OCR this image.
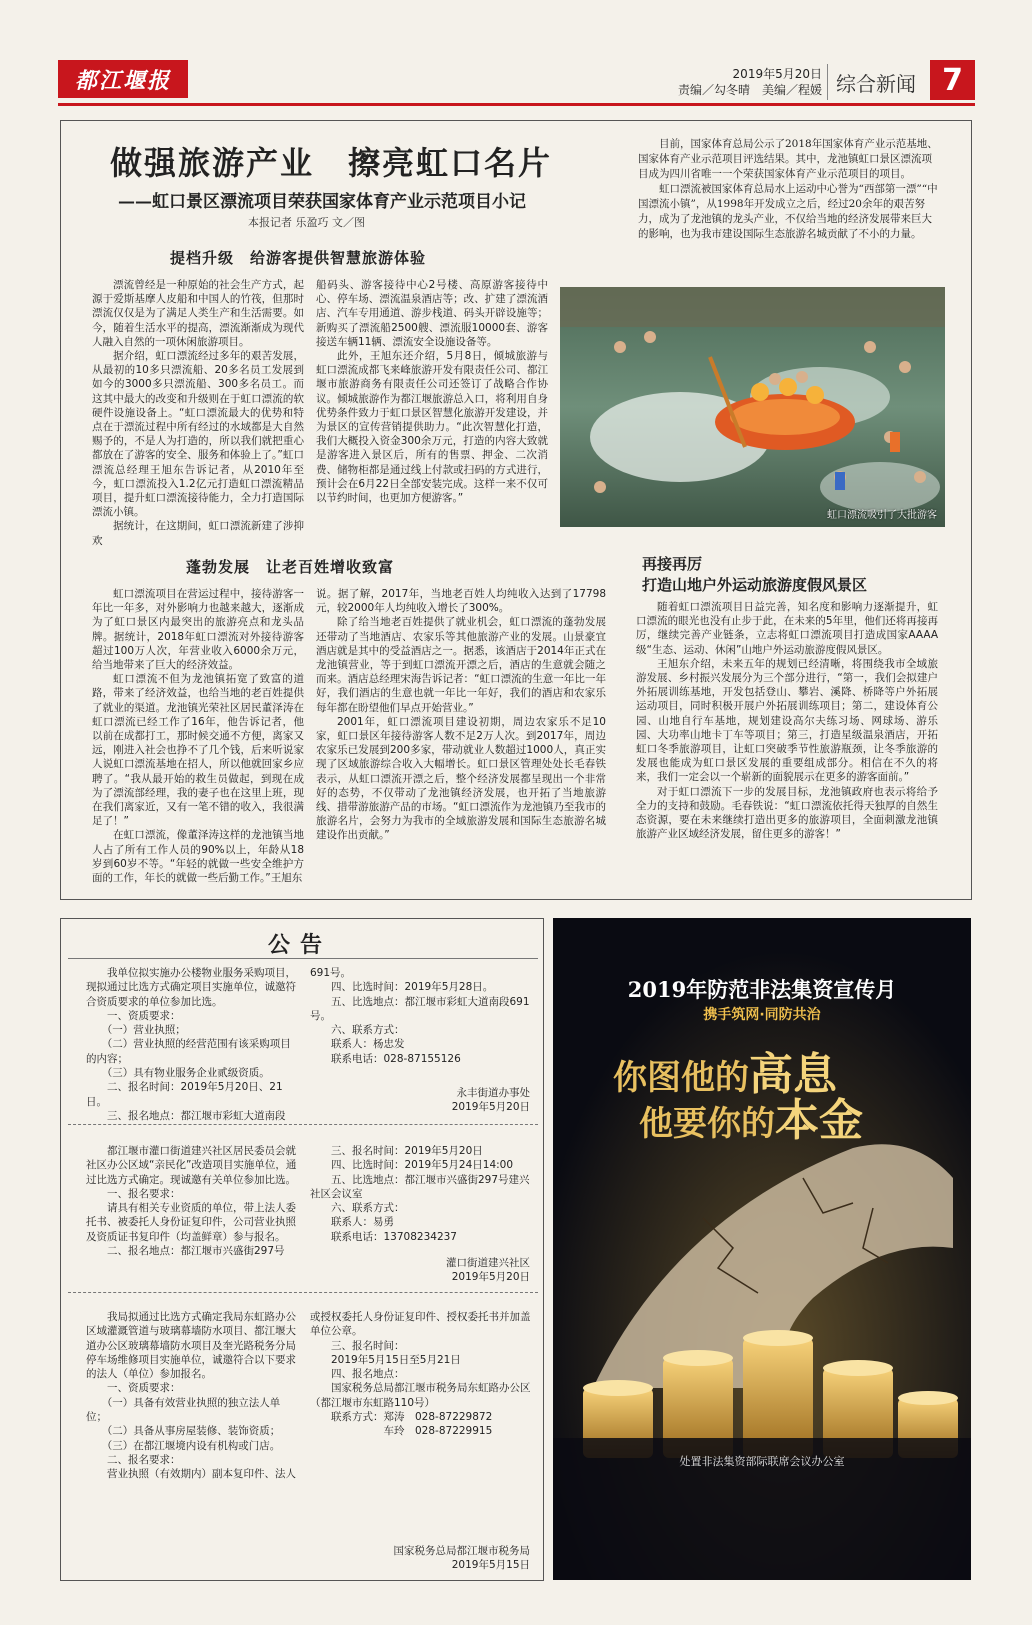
都江堰报	2019年5月20日
责编／勾冬晴　美编／程媛 综合新闻 7
做强旅游产业　擦亮虹口名片
——虹口景区漂流项目荣获国家体育产业示范项目小记
本报记者 乐盈巧 文／图

目前，国家体育总局公示了2018年国家体育产业示范基地、国家体育产业示范项目评选结果。其中，龙池镇虹口景区漂流项目成为四川省唯一一个荣获国家体育产业示范项目的项目。

虹口漂流被国家体育总局水上运动中心誉为“西部第一漂”“中国漂流小镇”，从1998年开发成立之后，经过20余年的艰苦努力，成为了龙池镇的龙头产业，不仅给当地的经济发展带来巨大的影响，也为我市建设国际生态旅游名城贡献了不小的力量。

提档升级　给游客提供智慧旅游体验

漂流曾经是一种原始的社会生产方式，起源于爱斯基摩人皮船和中国人的竹筏，但那时漂流仅仅是为了满足人类生产和生活需要。如今，随着生活水平的提高，漂流渐渐成为现代人融入自然的一项休闲旅游项目。

据介绍，虹口漂流经过多年的艰苦发展，从最初的10多只漂流船、20多名员工发展到如今的3000多只漂流船、300多名员工。而这其中最大的改变和升级则在于虹口漂流的软硬件设施设备上。“虹口漂流最大的优势和特点在于漂流过程中所有经过的水域都是大自然赐予的，不是人为打造的，所以我们就把重心都放在了游客的安全、服务和体验上了。”虹口漂流总经理王旭东告诉记者，从2010年至今，虹口漂流投入1.2亿元打造虹口漂流精品项目，提升虹口漂流接待能力，全力打造国际漂流小镇。

据统计，在这期间，虹口漂流新建了涉抑欢

船码头、游客接待中心2号楼、高原游客接待中心、停车场、漂流温泉酒店等；改、扩建了漂流酒店、汽车专用通道、游步栈道、码头开辟设施等；新购买了漂流船2500艘、漂流服10000套、游客接送车辆11辆、漂流安全设施设备等。

此外，王旭东还介绍，5月8日，倾城旅游与虹口漂流成都飞来峰旅游开发有限责任公司、都江堰市旅游商务有限责任公司还签订了战略合作协议。倾城旅游作为都江堰旅游总入口，将利用自身优势条件致力于虹口景区智慧化旅游开发建设，并为景区的宣传营销提供助力。“此次智慧化打造，我们大概投入资金300余万元，打造的内容大致就是游客进入景区后，所有的售票、押金、二次消费、储物柜都是通过线上付款或扫码的方式进行，预计会在6月22日全部安装完成。这样一来不仅可以节约时间，也更加方便游客。”

虹口漂流吸引了大批游客
蓬勃发展　让老百姓增收致富

虹口漂流项目在营运过程中，接待游客一年比一年多，对外影响力也越来越大，逐渐成为了虹口景区内最突出的旅游亮点和龙头品牌。据统计，2018年虹口漂流对外接待游客超过100万人次，年营业收入6000余万元，给当地带来了巨大的经济效益。

虹口漂流不但为龙池镇拓宽了致富的道路，带来了经济效益，也给当地的老百姓提供了就业的渠道。龙池镇光荣社区居民董泽涛在虹口漂流已经工作了16年，他告诉记者，他以前在成都打工，那时候交通不方便，离家又远，刚进入社会也挣不了几个钱，后来听说家人说虹口漂流基地在招人，所以他就回家乡应聘了。“我从最开始的救生员做起，到现在成为了漂流部经理，我的妻子也在这里上班，现在我们离家近，又有一笔不错的收入，我很满足了！”

在虹口漂流，像董泽涛这样的龙池镇当地人占了所有工作人员的90%以上，年龄从18岁到60岁不等。“年轻的就做一些安全维护方面的工作，年长的就做一些后勤工作。”王旭东

说。据了解，2017年，当地老百姓人均纯收入达到了17798元，较2000年人均纯收入增长了300%。

除了给当地老百姓提供了就业机会，虹口漂流的蓬勃发展还带动了当地酒店、农家乐等其他旅游产业的发展。山景豪宜酒店就是其中的受益酒店之一。据悉，该酒店于2014年正式在龙池镇营业，等于到虹口漂流开漂之后，酒店的生意就会随之而来。酒店总经理宋海告诉记者：“虹口漂流的生意一年比一年好，我们酒店的生意也就一年比一年好，我们的酒店和农家乐每年都在盼望他们早点开始营业。”

2001年，虹口漂流项目建设初期，周边农家乐不足10家，虹口景区年接待游客人数不足2万人次。到2017年，周边农家乐已发展到200多家，带动就业人数超过1000人，真正实现了区域旅游综合收入大幅增长。虹口景区管理处处长毛春铁表示，从虹口漂流开漂之后，整个经济发展都呈现出一个非常好的态势，不仅带动了龙池镇经济发展，也开拓了当地旅游线、措带游旅游产品的市场。“虹口漂流作为龙池镇乃至我市的旅游名片，会努力为我市的全域旅游发展和国际生态旅游名城建设作出贡献。”

再接再厉
打造山地户外运动旅游度假风景区

随着虹口漂流项目日益完善，知名度和影响力逐渐提升，虹口漂流的眼光也没有止步于此，在未来的5年里，他们还将再接再厉，继续完善产业链条，立志将虹口漂流项目打造成国家AAAA级“生态、运动、休闲”山地户外运动旅游度假风景区。

王旭东介绍，未来五年的规划已经清晰，将围绕我市全域旅游发展、乡村振兴发展分为三个部分进行，“第一，我们会拟建户外拓展训练基地，开发包括登山、攀岩、溪降、桥降等户外拓展运动项目，同时积极开展户外拓展训练项目；第二，建设体育公园、山地自行车基地，规划建设高尔夫练习场、网球场、游乐园、大功率山地卡丁车等项目；第三，打造星级温泉酒店，开拓虹口冬季旅游项目，让虹口突破季节性旅游瓶颈，让冬季旅游的发展也能成为虹口景区发展的重要组成部分。相信在不久的将来，我们一定会以一个崭新的面貌展示在更多的游客面前。”

对于虹口漂流下一步的发展目标，龙池镇政府也表示将给予全力的支持和鼓励。毛春铁说：“虹口漂流依托得天独厚的自然生态资源，要在未来继续打造出更多的旅游项目，全面刺激龙池镇旅游产业区域经济发展，留住更多的游客！”

公告

　　我单位拟实施办公楼物业服务采购项目，现拟通过比选方式确定项目实施单位，诚邀符合资质要求的单位参加比选。

　　一、资质要求：

　　（一）营业执照；

　　（二）营业执照的经营范围有该采购项目的内容；

　　（三）具有物业服务企业贰级资质。

　　二、报名时间：2019年5月20日、21日。

　　三、报名地点：都江堰市彩虹大道南段

691号。

　　四、比选时间：2019年5月28日。

　　五、比选地点：都江堰市彩虹大道南段691号。

　　六、联系方式：

　　联系人：杨忠发

　　联系电话：028-87155126

永丰街道办事处
2019年5月20日

　　都江堰市灌口街道建兴社区居民委员会就社区办公区域“亲民化”改造项目实施单位，通过比选方式确定。现诚邀有关单位参加比选。

　　一、报名要求：

　　请具有相关专业资质的单位，带上法人委托书、被委托人身份证复印件，公司营业执照及资质证书复印件（均盖鲜章）参与报名。

　　二、报名地点：都江堰市兴盛街297号

　　三、报名时间：2019年5月20日

　　四、比选时间：2019年5月24日14:00

　　五、比选地点：都江堰市兴盛街297号建兴社区会议室

　　六、联系方式：

　　联系人：易勇

　　联系电话：13708234237

灌口街道建兴社区
2019年5月20日

　　我局拟通过比选方式确定我局东虹路办公区域灌溉管道与玻璃幕墙防水项目、都江堰大道办公区玻璃幕墙防水项目及奎光路税务分局停车场维修项目实施单位，诚邀符合以下要求的法人（单位）参加报名。

　　一、资质要求：

　　（一）具备有效营业执照的独立法人单位；

　　（二）具备从事房屋装修、装饰资质；

　　（三）在都江堰境内设有机构或门店。

　　二、报名要求：

　　营业执照（有效期内）副本复印件、法人

或授权委托人身份证复印件、授权委托书并加盖单位公章。

　　三、报名时间：

　　2019年5月15日至5月21日

　　四、报名地点：

　　国家税务总局都江堰市税务局东虹路办公区（都江堰市东虹路110号）

　　联系方式：郑涛　028-87229872

　　　　　　　车玲　028-87229915

国家税务总局都江堰市税务局
2019年5月15日
2019年防范非法集资宣传月
携手筑网·同防共治
你图他的高息
他要你的本金
处置非法集资部际联席会议办公室
